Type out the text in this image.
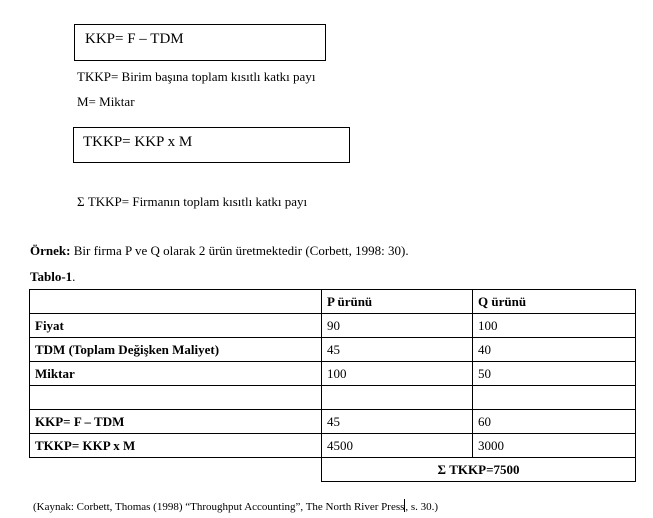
KKP= F – TDM
TKKP= Birim başına toplam kısıtlı katkı payı
M= Miktar
TKKP= KKP x M
Σ TKKP= Firmanın toplam kısıtlı katkı payı
Örnek: Bir firma P ve Q olarak 2 ürün üretmektedir (Corbett, 1998: 30).
Tablo-1.
	P ürünü	Q ürünü
Fiyat	90	100
TDM (Toplam Değişken Maliyet)	45	40
Miktar	100	50

KKP= F – TDM	45	60
TKKP= KKP x M	4500	3000
	Σ TKKP=7500	
(Kaynak: Corbett, Thomas (1998) “Throughput Accounting”, The North River Press, s. 30.)
